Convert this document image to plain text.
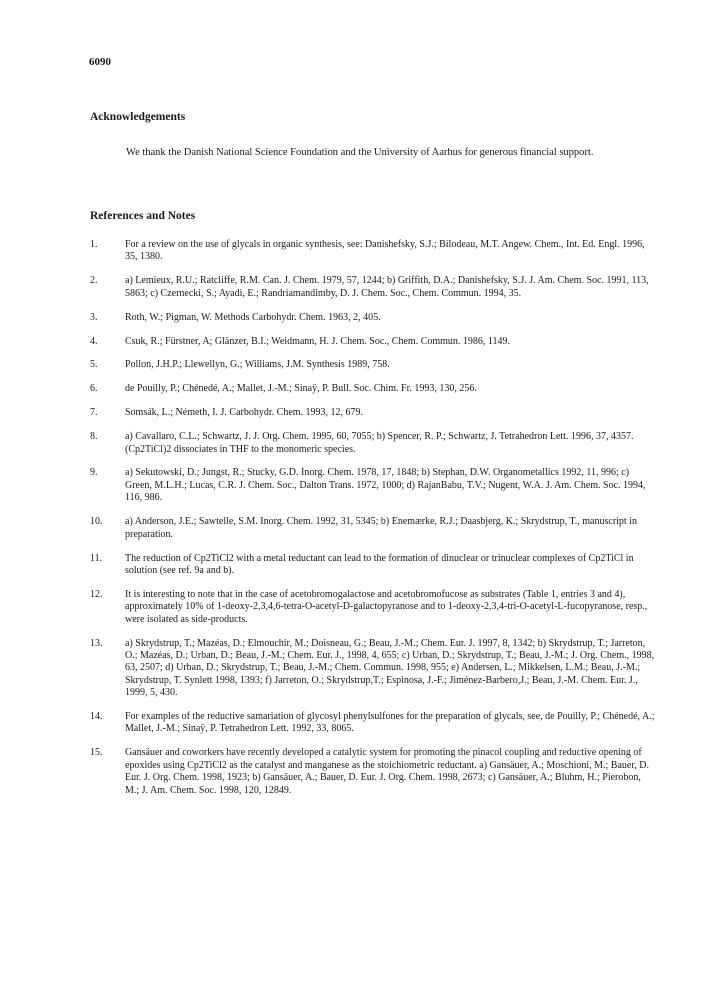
6090
Acknowledgements
We thank the Danish National Science Foundation and the University of Aarhus for generous financial support.
References and Notes
1.	For a review on the use of glycals in organic synthesis, see: Danishefsky, S.J.; Bilodeau, M.T. Angew. Chem., Int. Ed. Engl. 1996, 35, 1380.
2.	a) Lemieux, R.U.; Ratcliffe, R.M. Can. J. Chem. 1979, 57, 1244; b) Griffith, D.A.; Danishefsky, S.J. J. Am. Chem. Soc. 1991, 113, 5863; c) Czernecki, S.; Ayadi, E.; Randriamandimby, D. J. Chem. Soc., Chem. Commun. 1994, 35.
3.	Roth, W.; Pigman, W. Methods Carbohydr. Chem. 1963, 2, 405.
4.	Csuk, R.; Fürstner, A; Glänzer, B.I.; Weidmann, H. J. Chem. Soc., Chem. Commun. 1986, 1149.
5.	Pollon, J.H.P.; Llewellyn, G.; Williams, J.M. Synthesis 1989, 758.
6.	de Pouilly, P.; Chénedé, A.; Mallet, J.-M.; Sinaÿ, P. Bull. Soc. Chim. Fr. 1993, 130, 256.
7.	Somsák, L.; Németh, I. J. Carbohydr. Chem. 1993, 12, 679.
8.	a) Cavallaro, C.L.; Schwartz, J. J. Org. Chem. 1995, 60, 7055; b) Spencer, R. P.; Schwartz, J. Tetrahedron Lett. 1996, 37, 4357. (Cp2TiCl)2 dissociates in THF to the monomeric species.
9.	a) Sekutowski, D.; Jungst, R.; Stucky, G.D. Inorg. Chem. 1978, 17, 1848; b) Stephan, D.W. Organometallics 1992, 11, 996; c) Green, M.L.H.; Lucas, C.R. J. Chem. Soc., Dalton Trans. 1972, 1000; d) RajanBabu, T.V.; Nugent, W.A. J. Am. Chem. Soc. 1994, 116, 986.
10.	a) Anderson, J.E.; Sawtelle, S.M. Inorg. Chem. 1992, 31, 5345; b) Enemærke, R.J.; Daasbjerg, K.; Skrydstrup, T., manuscript in preparation.
11.	The reduction of Cp2TiCl2 with a metal reductant can lead to the formation of dinuclear or trinuclear complexes of Cp2TiCl in solution (see ref. 9a and b).
12.	It is interesting to note that in the case of acetobromogalactose and acetobromofucose as substrates (Table 1, entries 3 and 4), approximately 10% of 1-deoxy-2,3,4,6-tetra-O-acetyl-D-galactopyranose and to 1-deoxy-2,3,4-tri-O-acetyl-L-fucopyranose, resp., were isolated as side-products.
13.	a) Skrydstrup, T.; Mazéas, D.; Elmouchir, M.; Doisneau, G.; Beau, J.-M.; Chem. Eur. J. 1997, 8, 1342; b) Skrydstrup, T.; Jarreton, O.; Mazéas, D.; Urban, D.; Beau, J.-M.; Chem. Eur. J., 1998, 4, 655; c) Urban, D.; Skrydstrup, T.; Beau, J.-M.; J. Org. Chem., 1998, 63, 2507; d) Urban, D.; Skrydstrup, T.; Beau, J.-M.; Chem. Commun. 1998, 955; e) Andersen, L.; Mikkelsen, L.M.; Beau, J.-M.; Skrydstrup, T. Synlett 1998, 1393; f) Jarreton, O.; Skrydstrup,T.; Espinosa, J.-F.; Jiménez-Barbero,J.; Beau, J.-M. Chem. Eur. J., 1999, 5, 430.
14.	For examples of the reductive samariation of glycosyl phenylsulfones for the preparation of glycals, see, de Pouilly, P.; Chénedé, A.; Mallet, J.-M.; Sinaÿ, P. Tetrahedron Lett. 1992, 33, 8065.
15.	Gansäuer and coworkers have recently developed a catalytic system for promoting the pinacol coupling and reductive opening of epoxides using Cp2TiCl2 as the catalyst and manganese as the stoichiometric reductant. a) Gansäuer, A.; Moschioni, M.; Bauer, D. Eur. J. Org. Chem. 1998, 1923; b) Gansäuer, A.; Bauer, D. Eur. J. Org. Chem. 1998, 2673; c) Gansäuer, A.; Bluhm, H.; Pierobon, M.; J. Am. Chem. Soc. 1998, 120, 12849.
